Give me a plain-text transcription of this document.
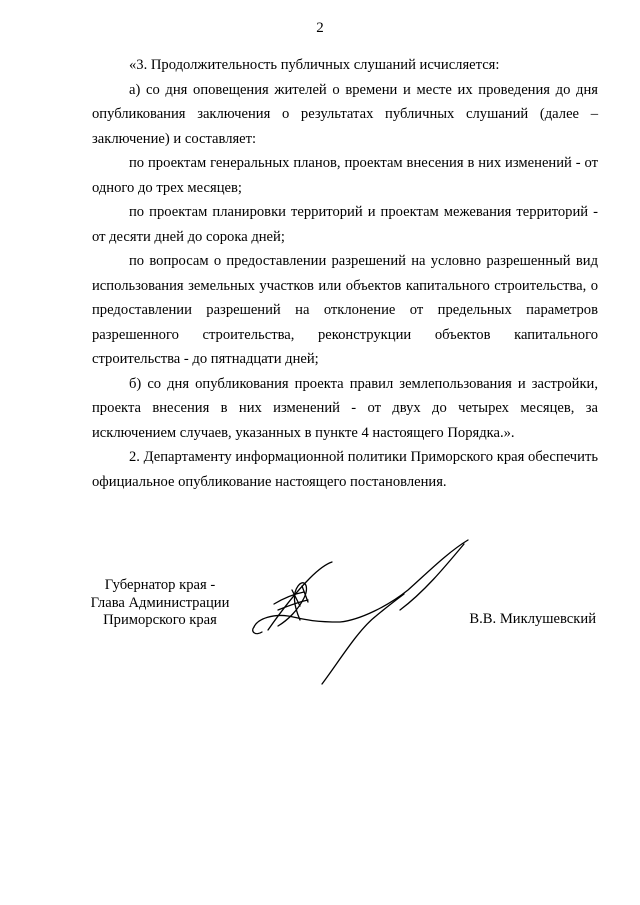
2

«3. Продолжительность публичных слушаний исчисляется:

а) со дня оповещения жителей о времени и месте их проведения до дня опубликования заключения о результатах публичных слушаний (далее – заключение) и составляет:

по проектам генеральных планов, проектам внесения в них изменений - от одного до трех месяцев;

по проектам планировки территорий и проектам межевания территорий - от десяти дней до сорока дней;

по вопросам о предоставлении разрешений на условно разрешенный вид использования земельных участков или объектов капитального строительства, о предоставлении разрешений на отклонение от предельных параметров разрешенного строительства, реконструкции объектов капитального строительства - до пятнадцати дней;

б) со дня опубликования проекта правил землепользования и застройки, проекта внесения в них изменений - от двух до четырех месяцев, за исключением случаев, указанных в пункте 4 настоящего Порядка.».

2. Департаменту информационной политики Приморского края обеспечить официальное опубликование настоящего постановления.

Губернатор края -
Глава Администрации
Приморского края	В.В. Миклушевский
